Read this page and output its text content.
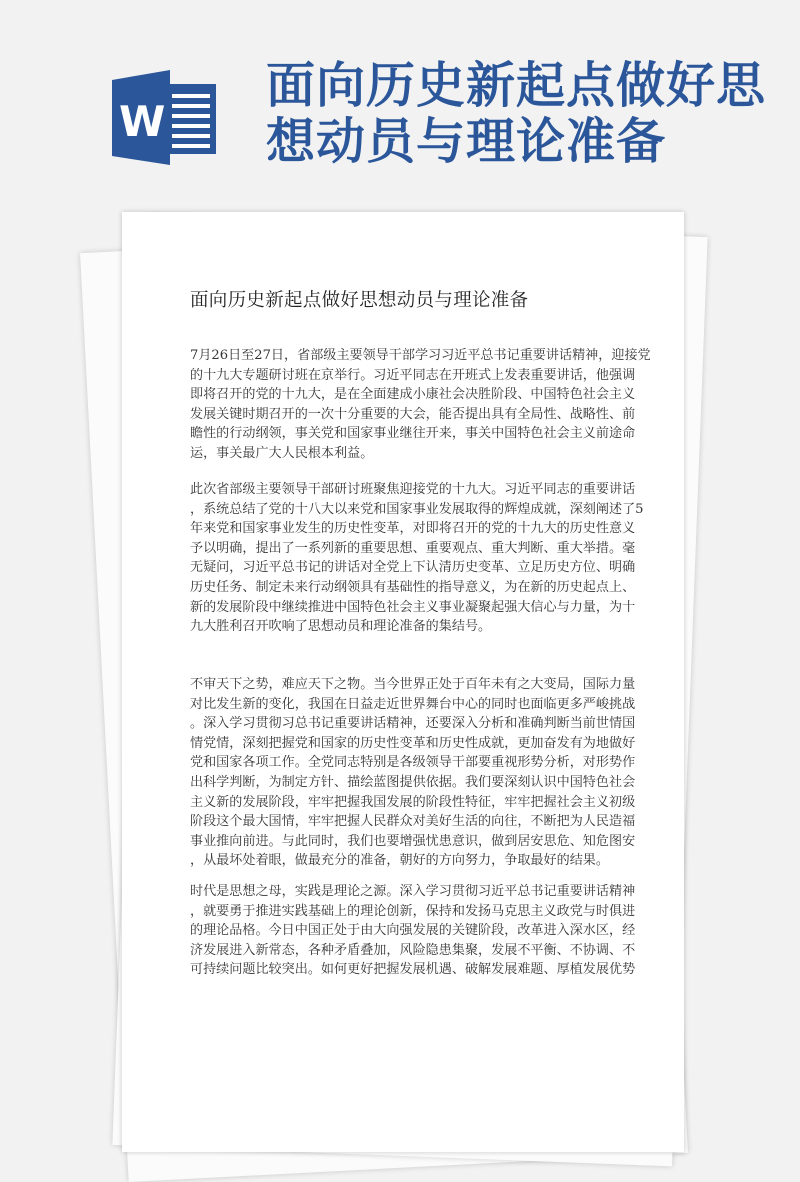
W
面向历史新起点做好思
想动员与理论准备
面向历史新起点做好思想动员与理论准备
7月26日至27日，省部级主要领导干部学习习近平总书记重要讲话精神，迎接党
的十九大专题研讨班在京举行。习近平同志在开班式上发表重要讲话，他强调
即将召开的党的十九大，是在全面建成小康社会决胜阶段、中国特色社会主义
发展关键时期召开的一次十分重要的大会，能否提出具有全局性、战略性、前
瞻性的行动纲领，事关党和国家事业继往开来，事关中国特色社会主义前途命
运，事关最广大人民根本利益。
此次省部级主要领导干部研讨班聚焦迎接党的十九大。习近平同志的重要讲话
，系统总结了党的十八大以来党和国家事业发展取得的辉煌成就，深刻阐述了5
年来党和国家事业发生的历史性变革，对即将召开的党的十九大的历史性意义
予以明确，提出了一系列新的重要思想、重要观点、重大判断、重大举措。毫
无疑问，习近平总书记的讲话对全党上下认清历史变革、立足历史方位、明确
历史任务、制定未来行动纲领具有基础性的指导意义，为在新的历史起点上、
新的发展阶段中继续推进中国特色社会主义事业凝聚起强大信心与力量，为十
九大胜利召开吹响了思想动员和理论准备的集结号。
不审天下之势，难应天下之物。当今世界正处于百年未有之大变局，国际力量
对比发生新的变化，我国在日益走近世界舞台中心的同时也面临更多严峻挑战
。深入学习贯彻习总书记重要讲话精神，还要深入分析和准确判断当前世情国
情党情，深刻把握党和国家的历史性变革和历史性成就，更加奋发有为地做好
党和国家各项工作。全党同志特别是各级领导干部要重视形势分析，对形势作
出科学判断，为制定方针、描绘蓝图提供依据。我们要深刻认识中国特色社会
主义新的发展阶段，牢牢把握我国发展的阶段性特征，牢牢把握社会主义初级
阶段这个最大国情，牢牢把握人民群众对美好生活的向往，不断把为人民造福
事业推向前进。与此同时，我们也要增强忧患意识，做到居安思危、知危图安
，从最坏处着眼，做最充分的准备，朝好的方向努力，争取最好的结果。
时代是思想之母，实践是理论之源。深入学习贯彻习近平总书记重要讲话精神
，就要勇于推进实践基础上的理论创新，保持和发扬马克思主义政党与时俱进
的理论品格。今日中国正处于由大向强发展的关键阶段，改革进入深水区，经
济发展进入新常态，各种矛盾叠加，风险隐患集聚，发展不平衡、不协调、不
可持续问题比较突出。如何更好把握发展机遇、破解发展难题、厚植发展优势
